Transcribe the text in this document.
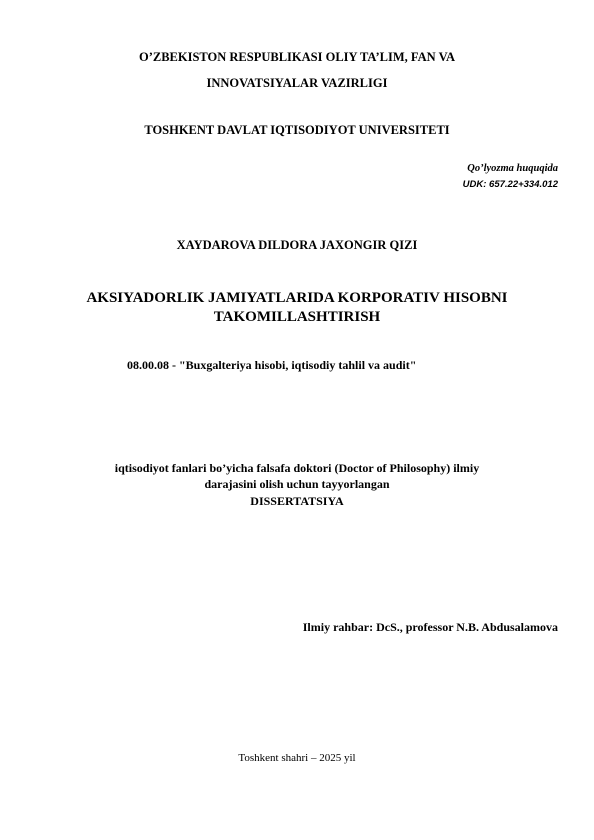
O’ZBEKISTON RESPUBLIKASI OLIY TA’LIM, FAN VA
INNOVATSIYALAR VAZIRLIGI
TOSHKENT DAVLAT IQTISODIYOT UNIVERSITETI
Qo’lyozma huquqida
UDK: 657.22+334.012
XAYDAROVA DILDORA JAXONGIR QIZI
AKSIYADORLIK JAMIYATLARIDA KORPORATIV HISOBNI
TAKOMILLASHTIRISH
08.00.08 - "Buxgalteriya hisobi, iqtisodiy tahlil va audit"
iqtisodiyot fanlari bo’yicha falsafa doktori (Doctor of Philosophy) ilmiy
darajasini olish uchun tayyorlangan
DISSERTATSIYA
Ilmiy rahbar: DcS., professor N.B. Abdusalamova
Toshkent shahri – 2025 yil
